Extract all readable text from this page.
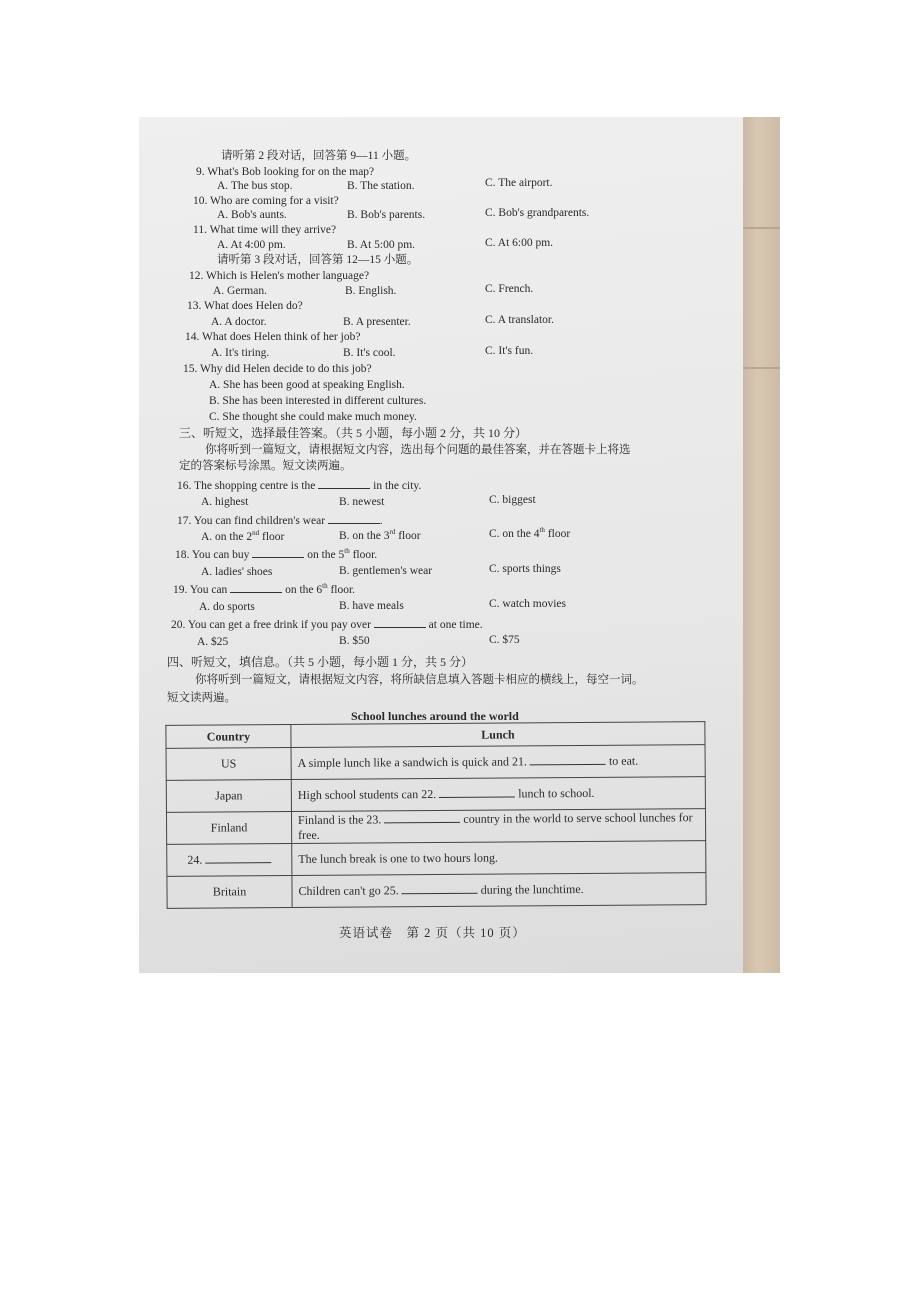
请听第 2 段对话，回答第 9—11 小题。
9. What's Bob looking for on the map?
A. The bus stop.	B. The station.	C. The airport.
10. Who are coming for a visit?
A. Bob's aunts.	B. Bob's parents.	C. Bob's grandparents.
11. What time will they arrive?
A. At 4:00 pm.	B. At 5:00 pm.	C. At 6:00 pm.
请听第 3 段对话，回答第 12—15 小题。
12. Which is Helen's mother language?
A. German.	B. English.	C. French.
13. What does Helen do?
A. A doctor.	B. A presenter.	C. A translator.
14. What does Helen think of her job?
A. It's tiring.	B. It's cool.	C. It's fun.
15. Why did Helen decide to do this job?
A. She has been good at speaking English.
B. She has been interested in different cultures.
C. She thought she could make much money.
三、听短文，选择最佳答案。（共 5 小题，每小题 2 分，共 10 分）
你将听到一篇短文，请根据短文内容，选出每个问题的最佳答案，并在答题卡上将选
定的答案标号涂黑。短文读两遍。
16. The shopping centre is the	in the city.
A. highest	B. newest	C. biggest
17. You can find children's wear	.
A. on the 2nd floor	B. on the 3rd floor	C. on the 4th floor
18. You can buy	on the 5th floor.
A. ladies' shoes	B. gentlemen's wear	C. sports things
19. You can	on the 6th floor.
A. do sports	B. have meals	C. watch movies
20. You can get a free drink if you pay over	at one time.
A. $25	B. $50	C. $75
四、听短文，填信息。（共 5 小题，每小题 1 分，共 5 分）
你将听到一篇短文，请根据短文内容，将所缺信息填入答题卡相应的横线上，每空一词。
短文读两遍。
School lunches around the world
Country	Lunch
US	A simple lunch like a sandwich is quick and 21. to eat.
Japan	High school students can 22. lunch to school.
Finland	Finland is the 23. country in the world to serve school lunches for free.
24.	The lunch break is one to two hours long.
Britain	Children can't go 25. during the lunchtime.
英语试卷　第 2 页（共 10 页）
